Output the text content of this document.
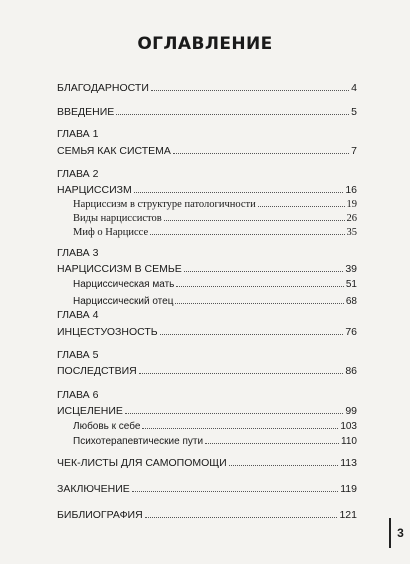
ОГЛАВЛЕНИЕ
БЛАГОДАРНОСТИ	4
ВВЕДЕНИЕ	5
ГЛАВА 1
СЕМЬЯ КАК СИСТЕМА	7
ГЛАВА 2
НАРЦИССИЗМ	16
Нарциссизм в структуре патологичности	19
Виды нарциссистов	26
Миф о Нарциссе	35
ГЛАВА 3
НАРЦИССИЗМ В СЕМЬЕ	39
Нарциссическая мать	51
Нарциссический отец	68
ГЛАВА 4
ИНЦЕСТУОЗНОСТЬ	76
ГЛАВА 5
ПОСЛЕДСТВИЯ	86
ГЛАВА 6
ИСЦЕЛЕНИЕ	99
Любовь к себе	103
Психотерапевтические пути	110
ЧЕК-ЛИСТЫ ДЛЯ САМОПОМОЩИ	113
ЗАКЛЮЧЕНИЕ	119
БИБЛИОГРАФИЯ	121
3
